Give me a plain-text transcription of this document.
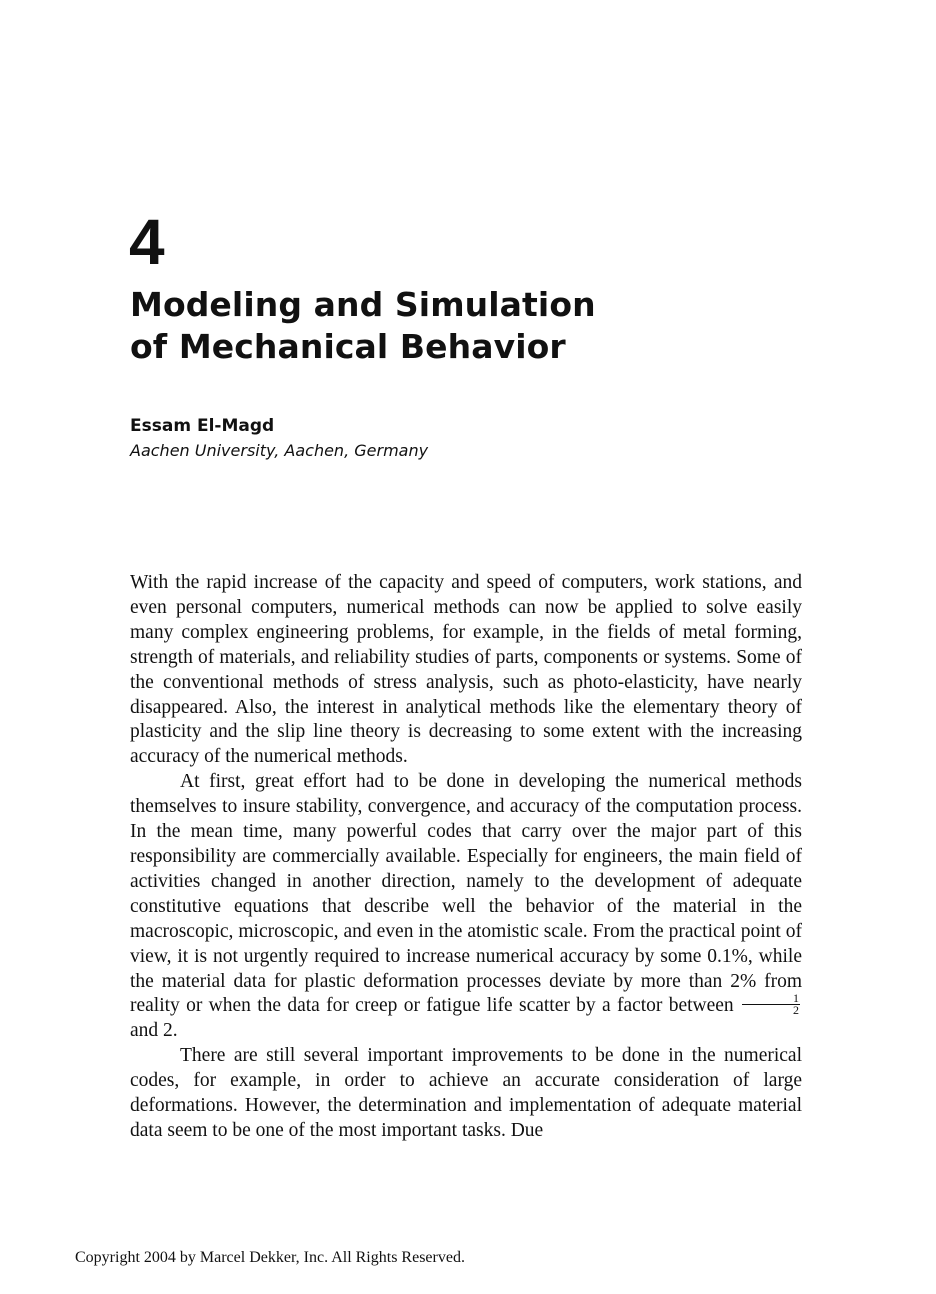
4
Modeling and Simulation
of Mechanical Behavior

Essam El-Magd

Aachen University, Aachen, Germany

With the rapid increase of the capacity and speed of computers, work stations, and even personal computers, numerical methods can now be applied to solve easily many complex engineering problems, for example, in the fields of metal forming, strength of materials, and reliability studies of parts, components or systems. Some of the conventional methods of stress analysis, such as photo-elasticity, have nearly disappeared. Also, the interest in analytical methods like the elementary theory of plasticity and the slip line theory is decreasing to some extent with the increasing accuracy of the numerical methods.

At first, great effort had to be done in developing the numerical methods themselves to insure stability, convergence, and accuracy of the computation process. In the mean time, many powerful codes that carry over the major part of this responsibility are commercially available. Especially for engineers, the main field of activities changed in another direction, namely to the development of adequate constitutive equations that describe well the behavior of the material in the macroscopic, microscopic, and even in the atomistic scale. From the practical point of view, it is not urgently required to increase numerical accuracy by some 0.1%, while the material data for plastic deformation processes deviate by more than 2% from reality or when the data for creep or fatigue life scatter by a factor between $\frac{1}{2}$
and 2.

There are still several important improvements to be done in the numerical codes, for example, in order to achieve an accurate consideration of large deformations. However, the determination and implementation of adequate material data seem to be one of the most important tasks. Due

Copyright 2004 by Marcel Dekker, Inc. All Rights Reserved.
